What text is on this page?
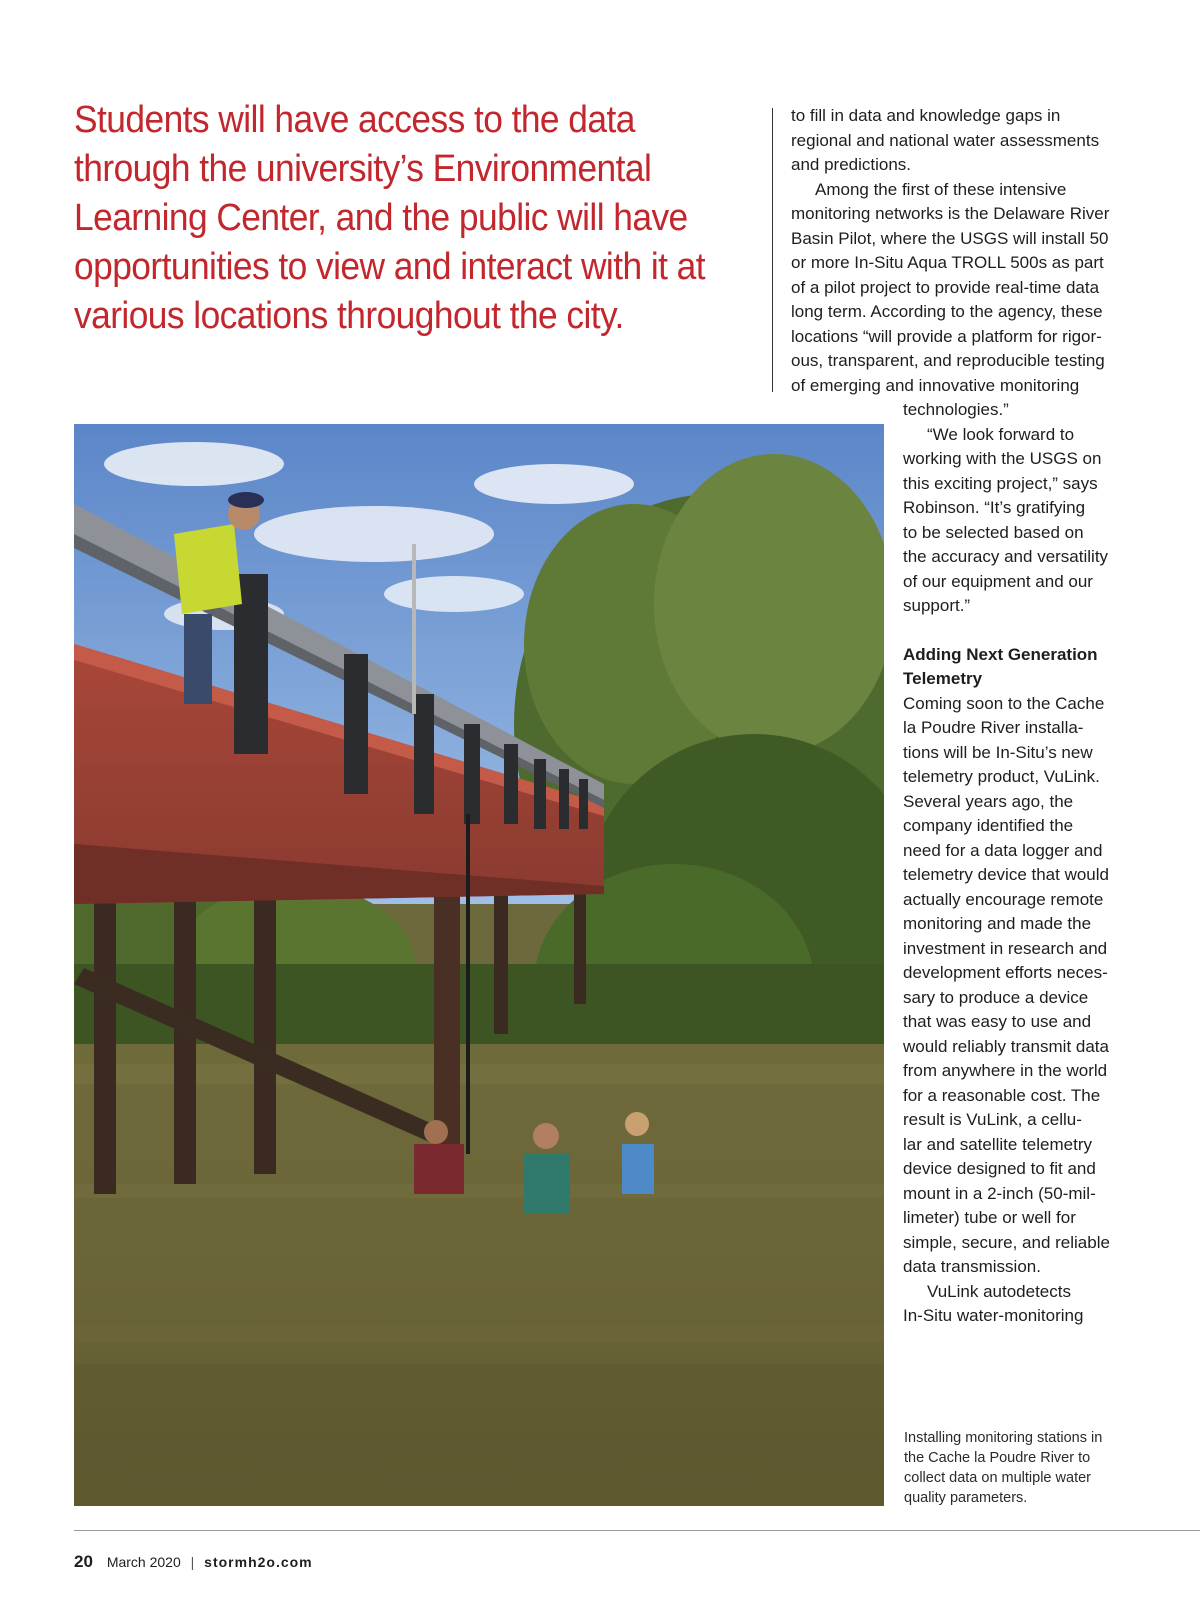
Students will have access to the data
through the university’s Environmental
Learning Center, and the public will have
opportunities to view and interact with it at
various locations throughout the city.
to fill in data and knowledge gaps in
regional and national water assessments
and predictions.
Among the first of these intensive
monitoring networks is the Delaware River
Basin Pilot, where the USGS will install 50
or more In-Situ Aqua TROLL 500s as part
of a pilot project to provide real-time data
long term. According to the agency, these
locations “will provide a platform for rigor-
ous, transparent, and reproducible testing
of emerging and innovative monitoring
technologies.”
“We look forward to
working with the USGS on
this exciting project,” says
Robinson. “It’s gratifying
to be selected based on
the accuracy and versatility
of our equipment and our
support.”
Adding Next Generation
Telemetry
Coming soon to the Cache
la Poudre River installa-
tions will be In-Situ’s new
telemetry product, VuLink.
Several years ago, the
company identified the
need for a data logger and
telemetry device that would
actually encourage remote
monitoring and made the
investment in research and
development efforts neces-
sary to produce a device
that was easy to use and
would reliably transmit data
from anywhere in the world
for a reasonable cost. The
result is VuLink, a cellu-
lar and satellite telemetry
device designed to fit and
mount in a 2-inch (50-mil-
limeter) tube or well for
simple, secure, and reliable
data transmission.
VuLink autodetects
In-Situ water-monitoring
Installing monitoring stations in
the Cache la Poudre River to
collect data on multiple water
quality parameters.
20 March 2020 | stormh2o.com
